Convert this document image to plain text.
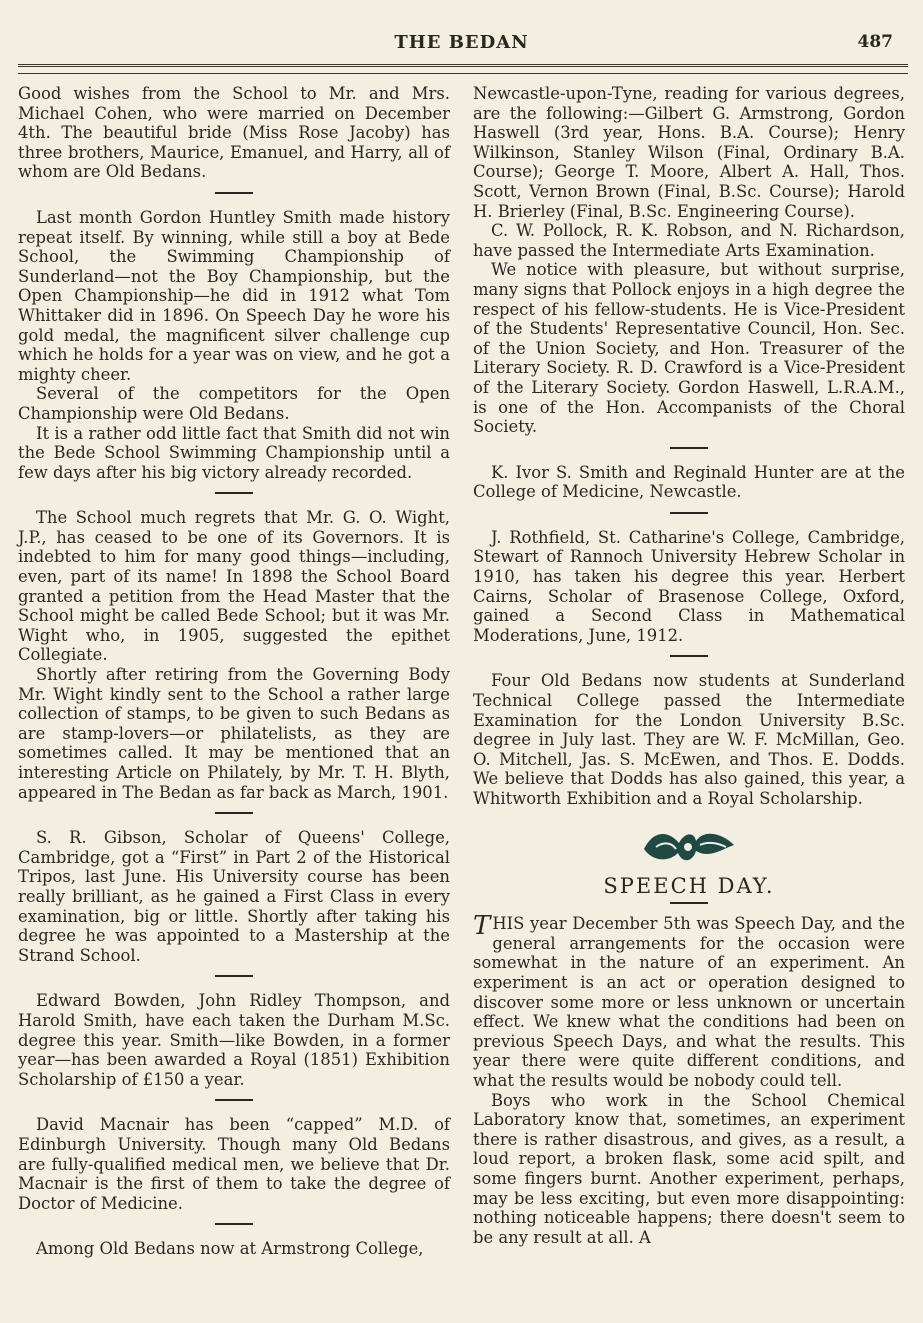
THE BEDAN	487

Good wishes from the School to Mr. and Mrs. Michael Cohen, who were married on December 4th. The beautiful bride (Miss Rose Jacoby) has three brothers, Maurice, Emanuel, and Harry, all of whom are Old Bedans.

Last month Gordon Huntley Smith made history repeat itself. By winning, while still a boy at Bede School, the Swimming Championship of Sunderland—not the Boy Championship, but the Open Championship—he did in 1912 what Tom Whittaker did in 1896. On Speech Day he wore his gold medal, the magnificent silver challenge cup which he holds for a year was on view, and he got a mighty cheer.

Several of the competitors for the Open Championship were Old Bedans.

It is a rather odd little fact that Smith did not win the Bede School Swimming Championship until a few days after his big victory already recorded.

The School much regrets that Mr. G. O. Wight, J.P., has ceased to be one of its Governors. It is indebted to him for many good things—including, even, part of its name! In 1898 the School Board granted a petition from the Head Master that the School might be called Bede School; but it was Mr. Wight who, in 1905, suggested the epithet Collegiate.

Shortly after retiring from the Governing Body Mr. Wight kindly sent to the School a rather large collection of stamps, to be given to such Bedans as are stamp-lovers—or philatelists, as they are sometimes called. It may be mentioned that an interesting Article on Philately, by Mr. T. H. Blyth, appeared in The Bedan as far back as March, 1901.

S. R. Gibson, Scholar of Queens' College, Cambridge, got a “First” in Part 2 of the Historical Tripos, last June. His University course has been really brilliant, as he gained a First Class in every examination, big or little. Shortly after taking his degree he was appointed to a Mastership at the Strand School.

Edward Bowden, John Ridley Thompson, and Harold Smith, have each taken the Durham M.Sc. degree this year. Smith—like Bowden, in a former year—has been awarded a Royal (1851) Exhibition Scholarship of £150 a year.

David Macnair has been “capped” M.D. of Edinburgh University. Though many Old Bedans are fully-qualified medical men, we believe that Dr. Macnair is the first of them to take the degree of Doctor of Medicine.

Among Old Bedans now at Armstrong College,

Newcastle-upon-Tyne, reading for various degrees, are the following:—Gilbert G. Armstrong, Gordon Haswell (3rd year, Hons. B.A. Course); Henry Wilkinson, Stanley Wilson (Final, Ordinary B.A. Course); George T. Moore, Albert A. Hall, Thos. Scott, Vernon Brown (Final, B.Sc. Course); Harold H. Brierley (Final, B.Sc. Engineering Course).

C. W. Pollock, R. K. Robson, and N. Richardson, have passed the Intermediate Arts Examination.

We notice with pleasure, but without surprise, many signs that Pollock enjoys in a high degree the respect of his fellow-students. He is Vice-President of the Students' Representative Council, Hon. Sec. of the Union Society, and Hon. Treasurer of the Literary Society. R. D. Crawford is a Vice-President of the Literary Society. Gordon Haswell, L.R.A.M., is one of the Hon. Accompanists of the Choral Society.

K. Ivor S. Smith and Reginald Hunter are at the College of Medicine, Newcastle.

J. Rothfield, St. Catharine's College, Cambridge, Stewart of Rannoch University Hebrew Scholar in 1910, has taken his degree this year. Herbert Cairns, Scholar of Brasenose College, Oxford, gained a Second Class in Mathematical Moderations, June, 1912.

Four Old Bedans now students at Sunderland Technical College passed the Intermediate Examination for the London University B.Sc. degree in July last. They are W. F. McMillan, Geo. O. Mitchell, Jas. S. McEwen, and Thos. E. Dodds. We believe that Dodds has also gained, this year, a Whitworth Exhibition and a Royal Scholarship.

SPEECH DAY.

THIS year December 5th was Speech Day, and the general arrangements for the occasion were somewhat in the nature of an experiment. An experiment is an act or operation designed to discover some more or less unknown or uncertain effect. We knew what the conditions had been on previous Speech Days, and what the results. This year there were quite different conditions, and what the results would be nobody could tell.

Boys who work in the School Chemical Laboratory know that, sometimes, an experiment there is rather disastrous, and gives, as a result, a loud report, a broken flask, some acid spilt, and some fingers burnt. Another experiment, perhaps, may be less exciting, but even more disappointing: nothing noticeable happens; there doesn't seem to be any result at all. A
